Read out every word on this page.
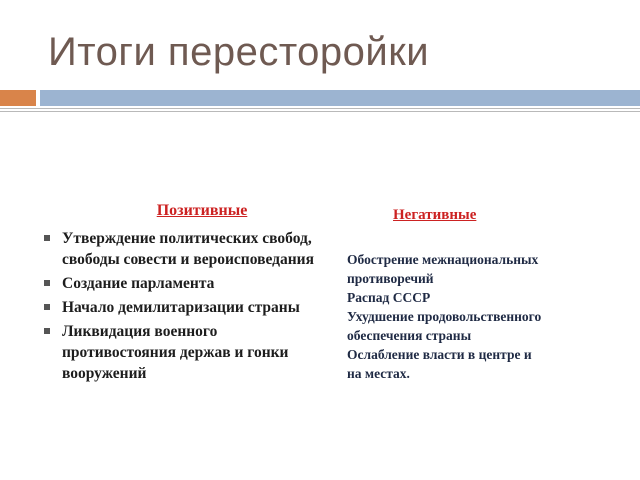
Итоги пересторойки
Позитивные
Утверждение политических свобод, свободы совести и вероисповедания
Создание парламента
Начало демилитаризации страны
Ликвидация военного противостояния держав и гонки вооружений
Негативные
Обострение межнациональных противоречий
Распад СССР
Ухудшение продовольственного обеспечения страны
Ослабление власти в центре и на местах.
